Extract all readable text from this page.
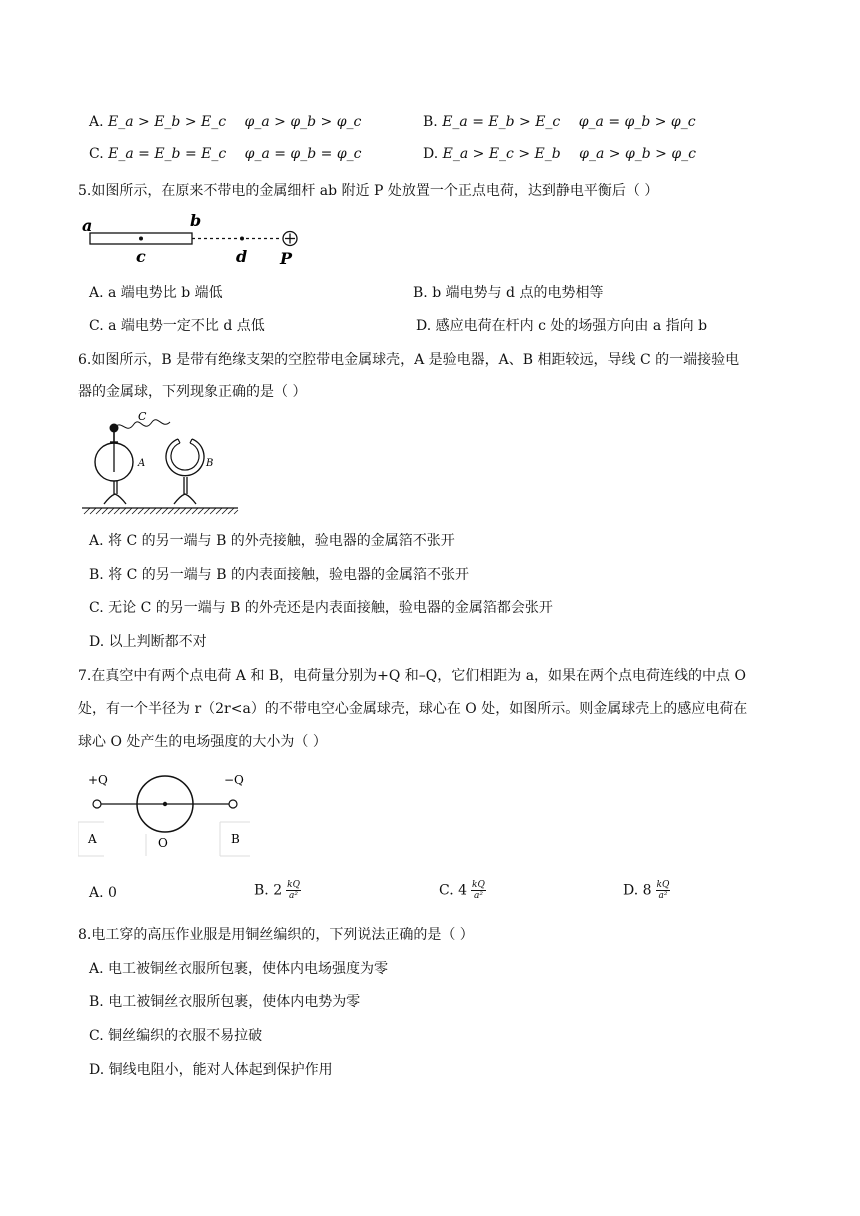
A. E_a > E_b > E_c φ_a > φ_b > φ_c	B. E_a = E_b > E_c φ_a = φ_b > φ_c
C. E_a = E_b = E_c φ_a = φ_b = φ_c	D. E_a > E_c > E_b φ_a > φ_b > φ_c
5.如图所示，在原来不带电的金属细杆 ab 附近 P 处放置一个正点电荷，达到静电平衡后（ ）
a	b
c	d P
A. a 端电势比 b 端低	B. b 端电势与 d 点的电势相等
C. a 端电势一定不比 d 点低	D. 感应电荷在杆内 c 处的场强方向由 a 指向 b
6.如图所示，B 是带有绝缘支架的空腔带电金属球壳，A 是验电器，A、B 相距较远，导线 C 的一端接验电
器的金属球，下列现象正确的是（ ）
C
A	B
A. 将 C 的另一端与 B 的外壳接触，验电器的金属箔不张开
B. 将 C 的另一端与 B 的内表面接触，验电器的金属箔不张开
C. 无论 C 的另一端与 B 的外壳还是内表面接触，验电器的金属箔都会张开
D. 以上判断都不对
7.在真空中有两个点电荷 A 和 B，电荷量分别为+Q 和–Q，它们相距为 a，如果在两个点电荷连线的中点 O
处，有一个半径为 r（2r<a）的不带电空心金属球壳，球心在 O 处，如图所示。则金属球壳上的感应电荷在
球心 O 处产生的电场强度的大小为（ ）
+Q	−Q
A	B
O
A. 0	B. $2 \frac{kQ}{\text{a²}}$	C. $4 \frac{kQ}{\text{a²}}$	D. $8 \frac{kQ}{\text{a²}}$
8.电工穿的高压作业服是用铜丝编织的，下列说法正确的是（ ）
A. 电工被铜丝衣服所包裹，使体内电场强度为零
B. 电工被铜丝衣服所包裹，使体内电势为零
C. 铜丝编织的衣服不易拉破
D. 铜线电阻小，能对人体起到保护作用
